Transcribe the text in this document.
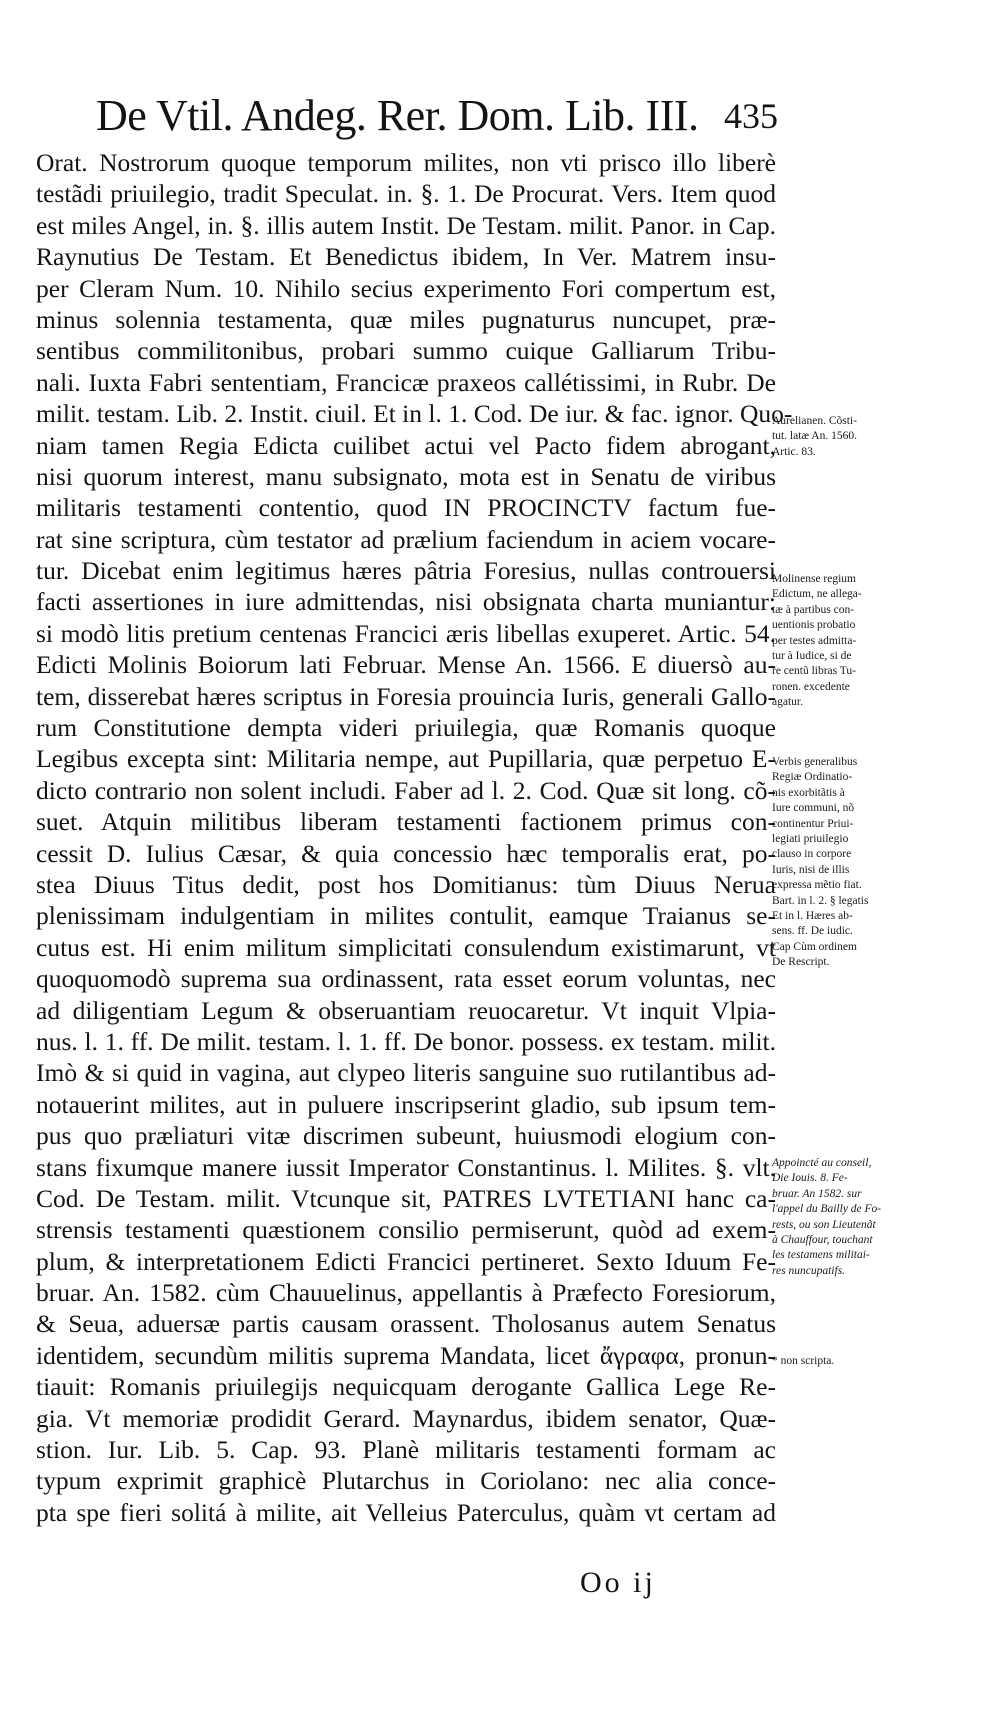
De Vtil. Andeg. Rer. Dom. Lib. III. 435
Orat. Nostrorum quoque temporum milites, non vti prisco illo liberè
testãdi priuilegio, tradit Speculat. in. §. 1. De Procurat. Vers. Item quod
est miles Angel, in. §. illis autem Instit. De Testam. milit. Panor. in Cap.
Raynutius De Testam. Et Benedictus ibidem, In Ver. Matrem insu-
per Cleram Num. 10. Nihilo secius experimento Fori compertum est,
minus solennia testamenta, quæ miles pugnaturus nuncupet, præ-
sentibus commilitonibus, probari summo cuique Galliarum Tribu-
nali. Iuxta Fabri sententiam, Francicæ praxeos callétissimi, in Rubr. De
milit. testam. Lib. 2. Instit. ciuil. Et in l. 1. Cod. De iur. & fac. ignor. Quo-
niam tamen Regia Edicta cuilibet actui vel Pacto fidem abrogant,
nisi quorum interest, manu subsignato, mota est in Senatu de viribus
militaris testamenti contentio, quod IN PROCINCTV factum fue-
rat sine scriptura, cùm testator ad prælium faciendum in aciem vocare-
tur. Dicebat enim legitimus hæres pâtria Foresius, nullas controuersi
facti assertiones in iure admittendas, nisi obsignata charta muniantur:
si modò litis pretium centenas Francici æris libellas exuperet. Artic. 54.
Edicti Molinis Boiorum lati Februar. Mense An. 1566. E diuersò au-
tem, disserebat hæres scriptus in Foresia prouincia Iuris, generali Gallo-
rum Constitutione dempta videri priuilegia, quæ Romanis quoque
Legibus excepta sint: Militaria nempe, aut Pupillaria, quæ perpetuo E-
dicto contrario non solent includi. Faber ad l. 2. Cod. Quæ sit long. cõ-
suet. Atquin militibus liberam testamenti factionem primus con-
cessit D. Iulius Cæsar, & quia concessio hæc temporalis erat, po-
stea Diuus Titus dedit, post hos Domitianus: tùm Diuus Nerua
plenissimam indulgentiam in milites contulit, eamque Traianus se-
cutus est. Hi enim militum simplicitati consulendum existimarunt, vt
quoquomodò suprema sua ordinassent, rata esset eorum voluntas, nec
ad diligentiam Legum & obseruantiam reuocaretur. Vt inquit Vlpia-
nus. l. 1. ff. De milit. testam. l. 1. ff. De bonor. possess. ex testam. milit.
Imò & si quid in vagina, aut clypeo literis sanguine suo rutilantibus ad-
notauerint milites, aut in puluere inscripserint gladio, sub ipsum tem-
pus quo præliaturi vitæ discrimen subeunt, huiusmodi elogium con-
stans fixumque manere iussit Imperator Constantinus. l. Milites. §. vlt.
Cod. De Testam. milit. Vtcunque sit, PATRES LVTETIANI hanc ca-
strensis testamenti quæstionem consilio permiserunt, quòd ad exem-
plum, & interpretationem Edicti Francici pertineret. Sexto Iduum Fe-
bruar. An. 1582. cùm Chauuelinus, appellantis à Præfecto Foresiorum,
& Seua, aduersæ partis causam orassent. Tholosanus autem Senatus
identidem, secundùm militis suprema Mandata, licet ἄγραφα, pronun-
tiauit: Romanis priuilegijs nequicquam derogante Gallica Lege Re-
gia. Vt memoriæ prodidit Gerard. Maynardus, ibidem senator, Quæ-
stion. Iur. Lib. 5. Cap. 93. Planè militaris testamenti formam ac
typum exprimit graphicè Plutarchus in Coriolano: nec alia conce-
pta spe fieri solitá à milite, ait Velleius Paterculus, quàm vt certam ad
Aurelianen. Cõsti-
tut. latæ An. 1560.
Artic. 83.
Molinense regium
Edictum, ne allega-
tæ à partibus con-
uentionis probatio
per testes admitta-
tur à Iudice, si de
re centũ libras Tu-
ronen. excedente
agatur.
Verbis generalibus
Regiæ Ordinatio-
nis exorbitãtis à
Iure communi, nõ
continentur Priui-
legiati priuilegio
clauso in corpore
Iuris, nisi de illis
expressa mẽtio fiat.
Bart. in l. 2. § legatis
Et in l. Hæres ab-
sens. ff. De iudic.
Cap Cùm ordinem
De Rescript.
Appoincté au conseil,
Die Iouis. 8. Fe-
bruar. An 1582. sur
l'appel du Bailly de Fo-
rests, ou son Lieutenãt
à Chauffour, touchant
les testamens militai-
res nuncupatifs.
* non scripta.
Oo ij
